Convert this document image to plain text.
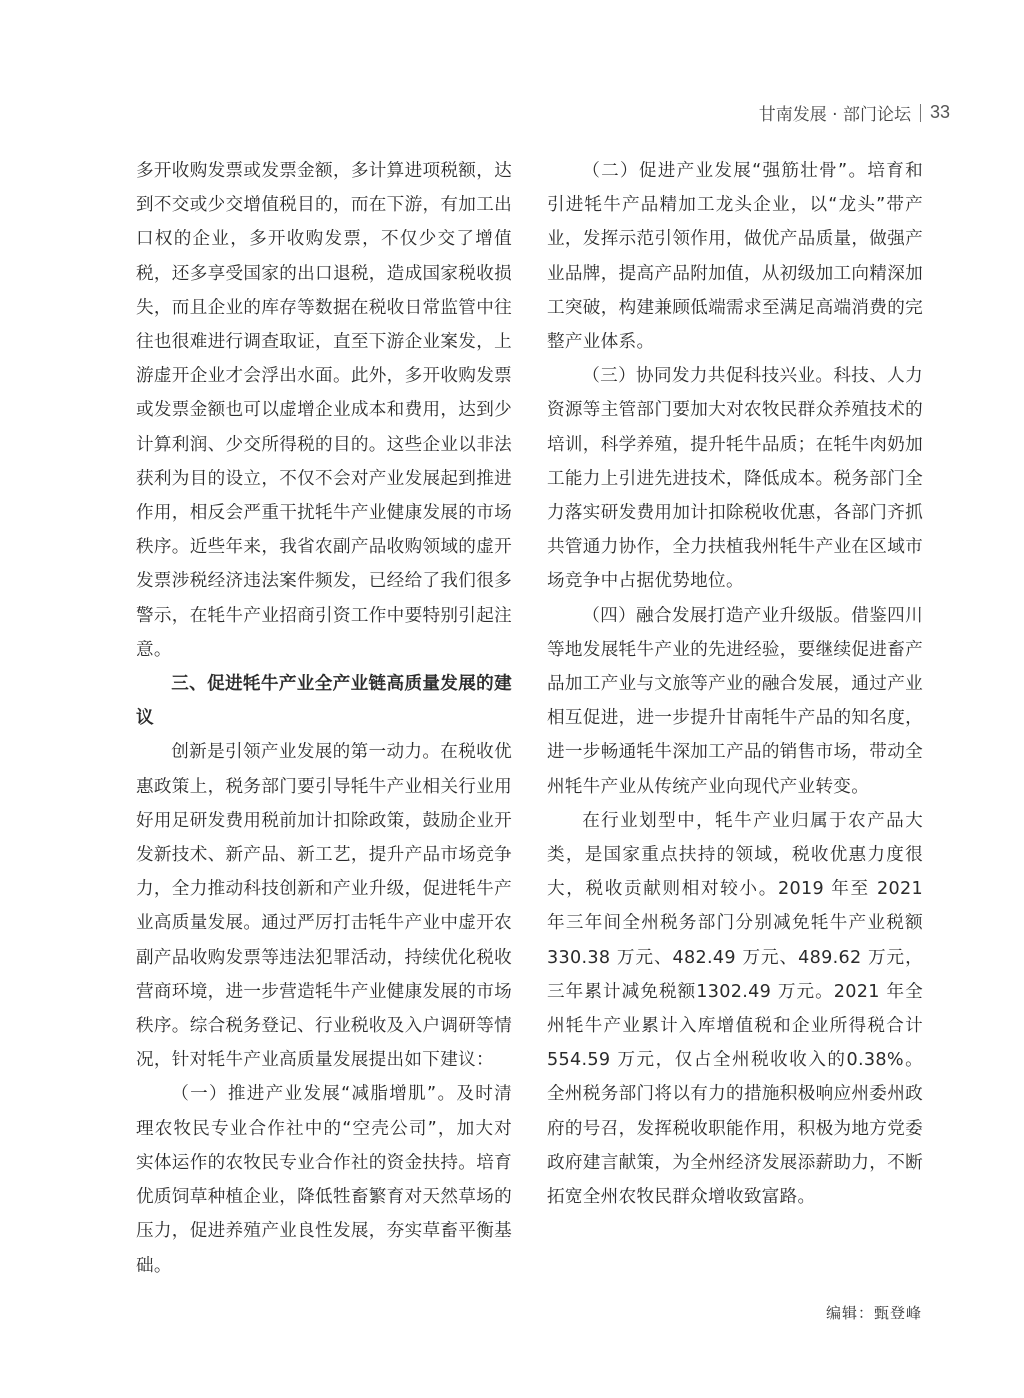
甘南发展 · 部门论坛 33

多开收购发票或发票金额，多计算进项税额，达到不交或少交增值税目的，而在下游，有加工出口权的企业，多开收购发票，不仅少交了增值税，还多享受国家的出口退税，造成国家税收损失，而且企业的库存等数据在税收日常监管中往往也很难进行调查取证，直至下游企业案发，上游虚开企业才会浮出水面。此外，多开收购发票或发票金额也可以虚增企业成本和费用，达到少计算利润、少交所得税的目的。这些企业以非法获利为目的设立，不仅不会对产业发展起到推进作用，相反会严重干扰牦牛产业健康发展的市场秩序。近些年来，我省农副产品收购领域的虚开发票涉税经济违法案件频发，已经给了我们很多警示，在牦牛产业招商引资工作中要特别引起注意。

三、促进牦牛产业全产业链高质量发展的建议

创新是引领产业发展的第一动力。在税收优惠政策上，税务部门要引导牦牛产业相关行业用好用足研发费用税前加计扣除政策，鼓励企业开发新技术、新产品、新工艺，提升产品市场竞争力，全力推动科技创新和产业升级，促进牦牛产业高质量发展。通过严厉打击牦牛产业中虚开农副产品收购发票等违法犯罪活动，持续优化税收营商环境，进一步营造牦牛产业健康发展的市场秩序。综合税务登记、行业税收及入户调研等情况，针对牦牛产业高质量发展提出如下建议：

（一）推进产业发展“减脂增肌”。及时清理农牧民专业合作社中的“空壳公司”，加大对实体运作的农牧民专业合作社的资金扶持。培育优质饲草种植企业，降低牲畜繁育对天然草场的压力，促进养殖产业良性发展，夯实草畜平衡基础。

（二）促进产业发展“强筋壮骨”。培育和引进牦牛产品精加工龙头企业，以“龙头”带产业，发挥示范引领作用，做优产品质量，做强产业品牌，提高产品附加值，从初级加工向精深加工突破，构建兼顾低端需求至满足高端消费的完整产业体系。

（三）协同发力共促科技兴业。科技、人力资源等主管部门要加大对农牧民群众养殖技术的培训，科学养殖，提升牦牛品质；在牦牛肉奶加工能力上引进先进技术，降低成本。税务部门全力落实研发费用加计扣除税收优惠，各部门齐抓共管通力协作，全力扶植我州牦牛产业在区域市场竞争中占据优势地位。

（四）融合发展打造产业升级版。借鉴四川等地发展牦牛产业的先进经验，要继续促进畜产品加工产业与文旅等产业的融合发展，通过产业相互促进，进一步提升甘南牦牛产品的知名度，进一步畅通牦牛深加工产品的销售市场，带动全州牦牛产业从传统产业向现代产业转变。

在行业划型中，牦牛产业归属于农产品大类，是国家重点扶持的领域，税收优惠力度很大，税收贡献则相对较小。2019 年至 2021 年三年间全州税务部门分别减免牦牛产业税额330.38 万元、482.49 万元、489.62 万元，三年累计减免税额1302.49 万元。2021 年全州牦牛产业累计入库增值税和企业所得税合计 554.59 万元，仅占全州税收收入的0.38%。全州税务部门将以有力的措施积极响应州委州政府的号召，发挥税收职能作用，积极为地方党委政府建言献策，为全州经济发展添薪助力，不断拓宽全州农牧民群众增收致富路。

编辑：甄登峰
